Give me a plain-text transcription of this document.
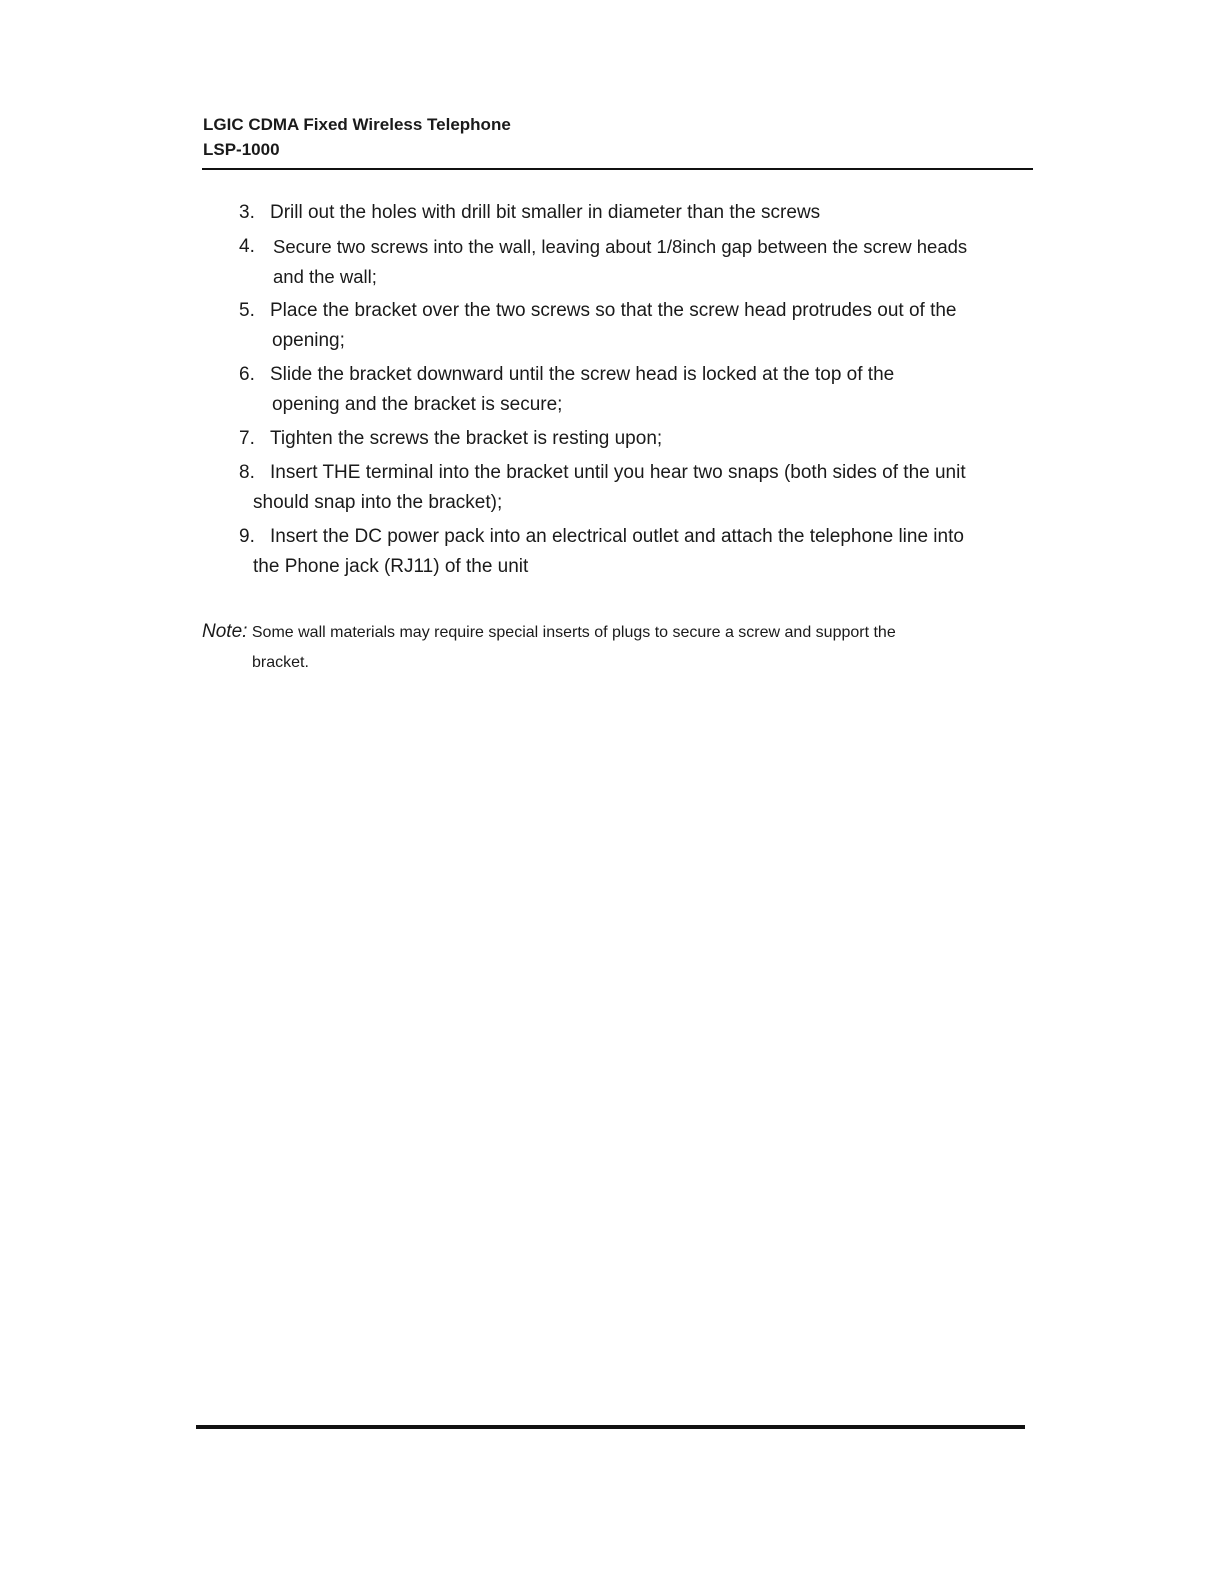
LGIC CDMA Fixed Wireless Telephone
LSP-1000
3. Drill out the holes with drill bit smaller in diameter than the screws
4. Secure two screws into the wall, leaving about 1/8inch gap between the screw heads
and the wall;
5. Place the bracket over the two screws so that the screw head protrudes out of the
opening;
6. Slide the bracket downward until the screw head is locked at the top of the
opening and the bracket is secure;
7. Tighten the screws the bracket is resting upon;
8. Insert THE terminal into the bracket until you hear two snaps (both sides of the unit
should snap into the bracket);
9. Insert the DC power pack into an electrical outlet and attach the telephone line into
the Phone jack (RJ11) of the unit
Note: Some wall materials may require special inserts of plugs to secure a screw and support the
bracket.
